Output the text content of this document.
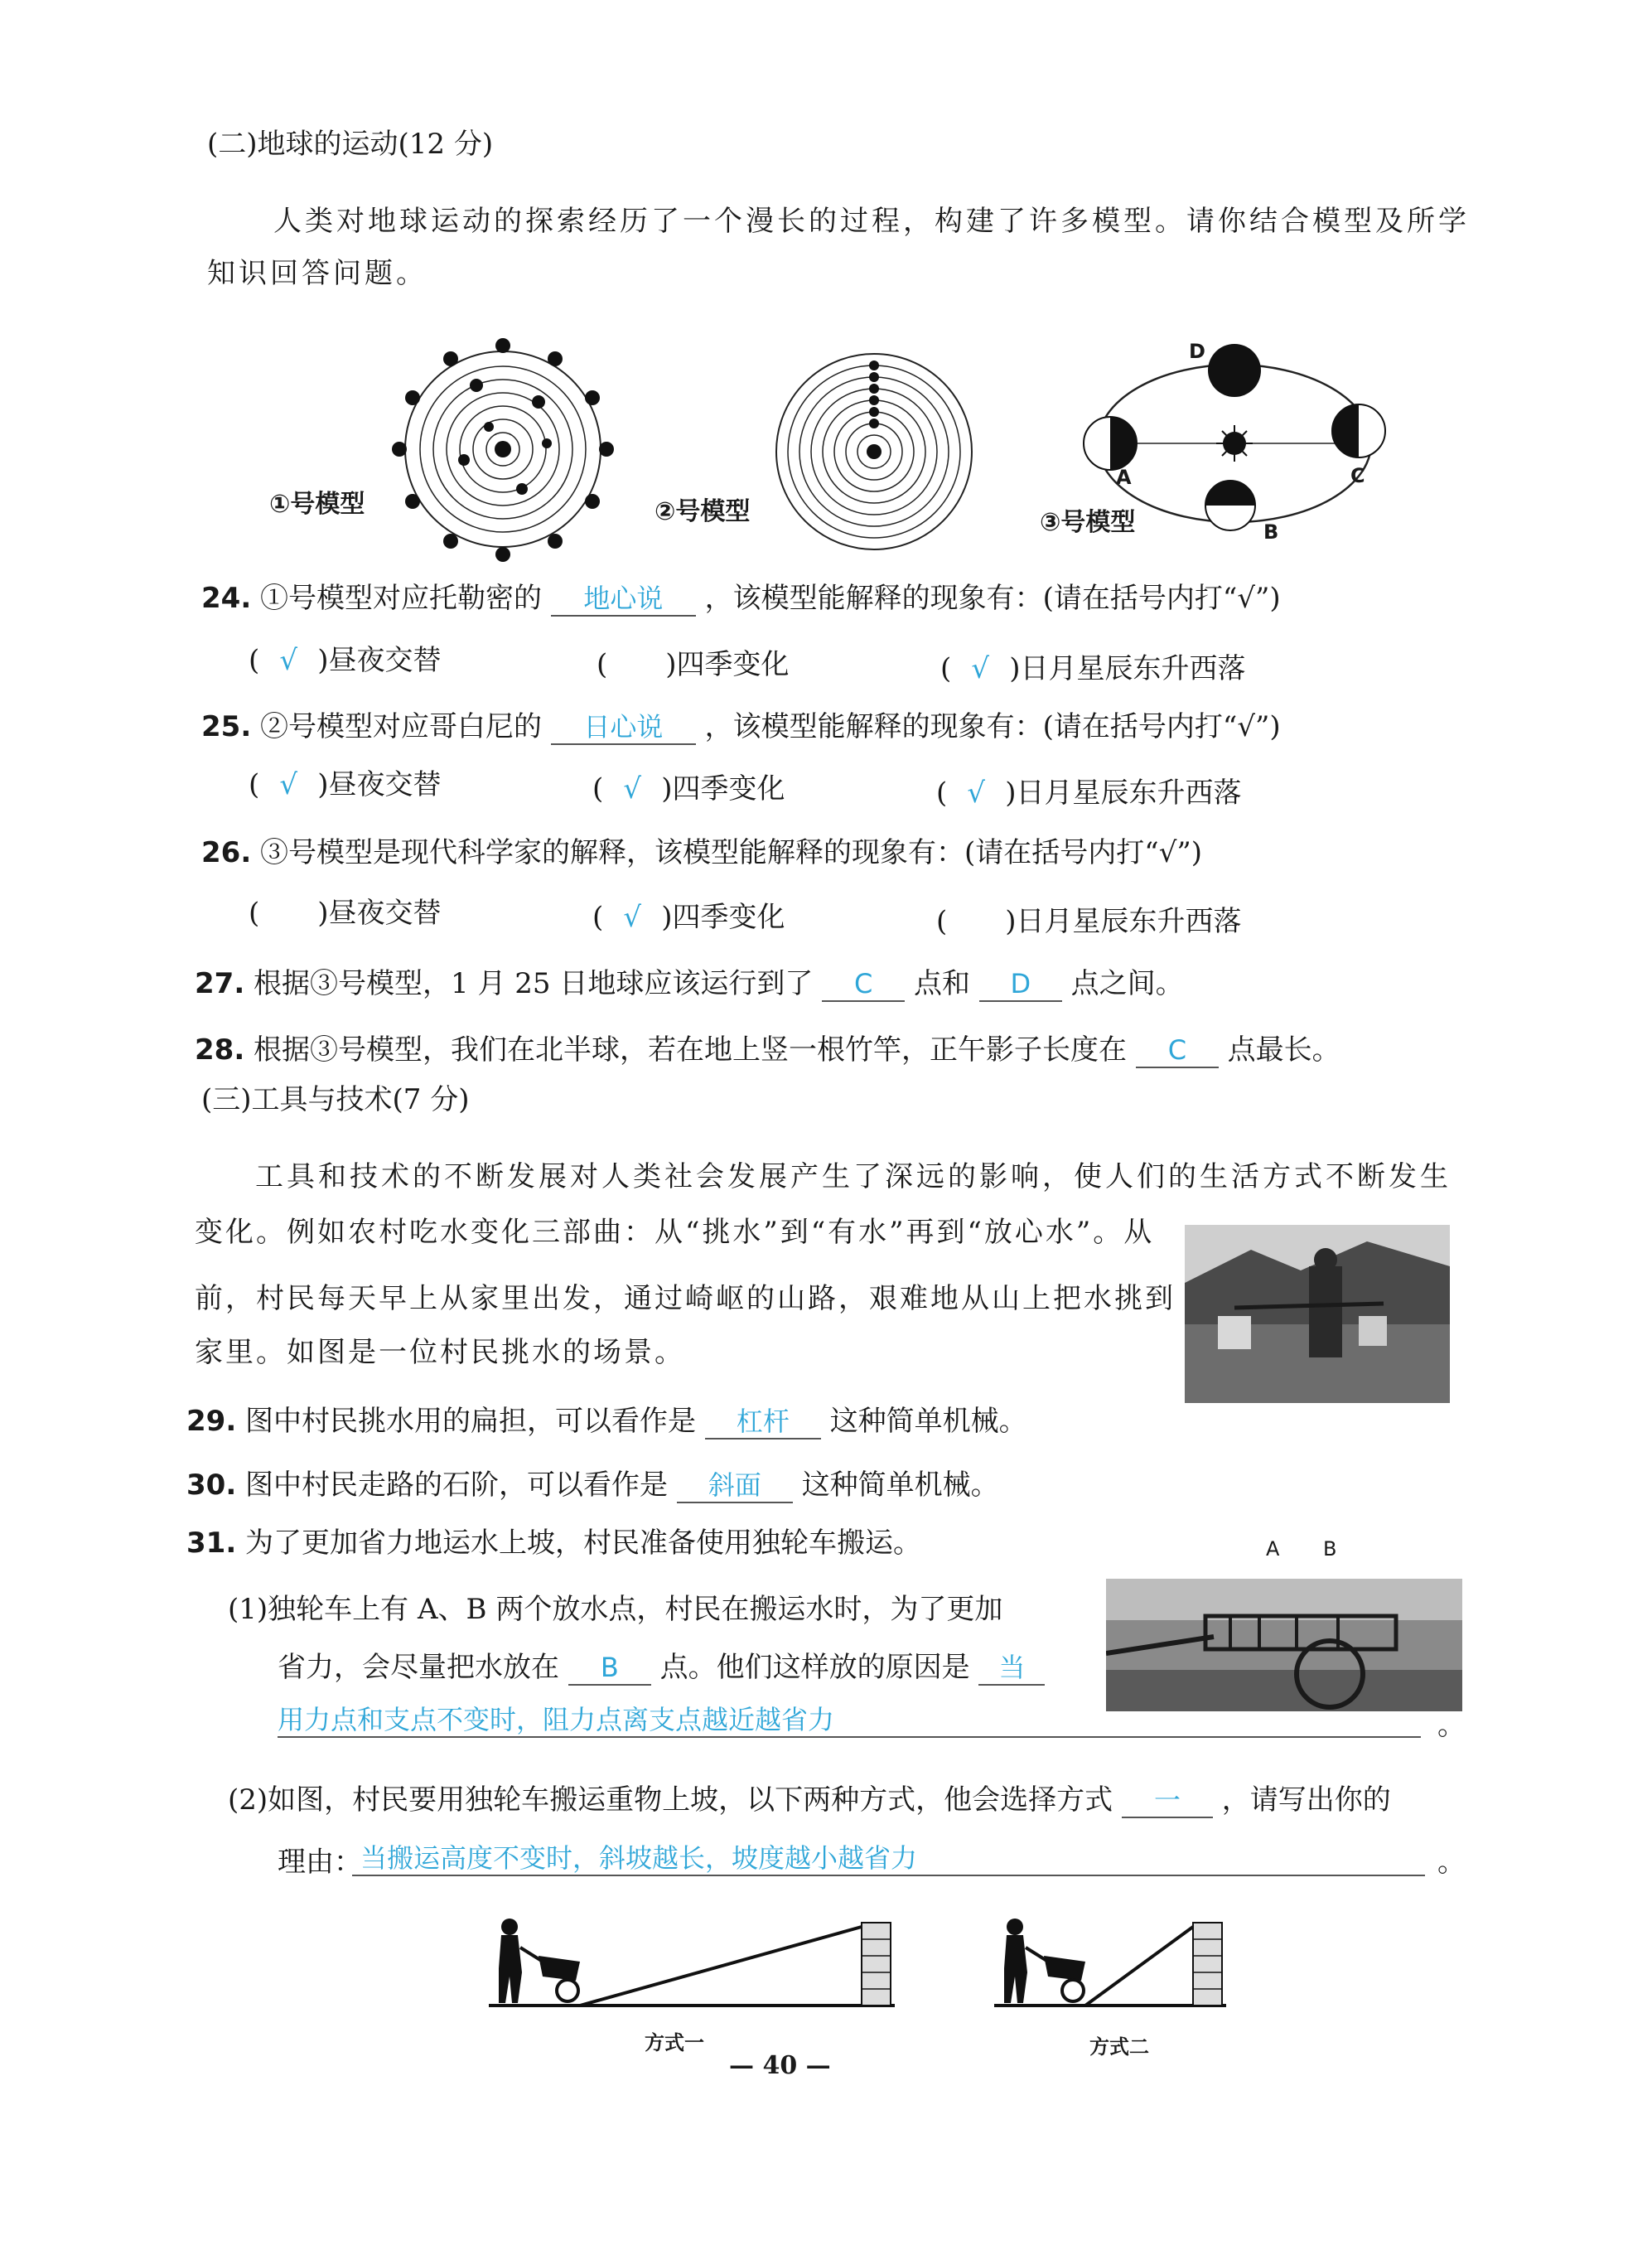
(二)地球的运动(12 分)
人类对地球运动的探索经历了一个漫长的过程，构建了许多模型。请你结合模型及所学
知识回答问题。
①号模型	②号模型
D
A	C
B
③号模型
24. ①号模型对应托勒密的 地心说 ，该模型能解释的现象有：(请在括号内打“√”)
( √ )昼夜交替	( )四季变化	( √ )日月星辰东升西落
25. ②号模型对应哥白尼的 日心说 ，该模型能解释的现象有：(请在括号内打“√”)
( √ )昼夜交替	( √ )四季变化	( √ )日月星辰东升西落
26. ③号模型是现代科学家的解释，该模型能解释的现象有：(请在括号内打“√”)
( )昼夜交替	( √ )四季变化	( )日月星辰东升西落
27. 根据③号模型，1 月 25 日地球应该运行到了 C 点和 D 点之间。
28. 根据③号模型，我们在北半球，若在地上竖一根竹竿，正午影子长度在 C 点最长。
(三)工具与技术(7 分)
工具和技术的不断发展对人类社会发展产生了深远的影响，使人们的生活方式不断发生
变化。例如农村吃水变化三部曲：从“挑水”到“有水”再到“放心水”。从
前，村民每天早上从家里出发，通过崎岖的山路，艰难地从山上把水挑到
家里。如图是一位村民挑水的场景。
29. 图中村民挑水用的扁担，可以看作是 杠杆 这种简单机械。
30. 图中村民走路的石阶，可以看作是 斜面 这种简单机械。
31. 为了更加省力地运水上坡，村民准备使用独轮车搬运。	A B
(1)独轮车上有 A、B 两个放水点，村民在搬运水时，为了更加
省力，会尽量把水放在 B 点。他们这样放的原因是 当
用力点和支点不变时，阻力点离支点越近越省力	。
(2)如图，村民要用独轮车搬运重物上坡，以下两种方式，他会选择方式 一 ，请写出你的
理由：
当搬运高度不变时，斜坡越长，坡度越小越省力	。
方式一	方式二
— 40 —
